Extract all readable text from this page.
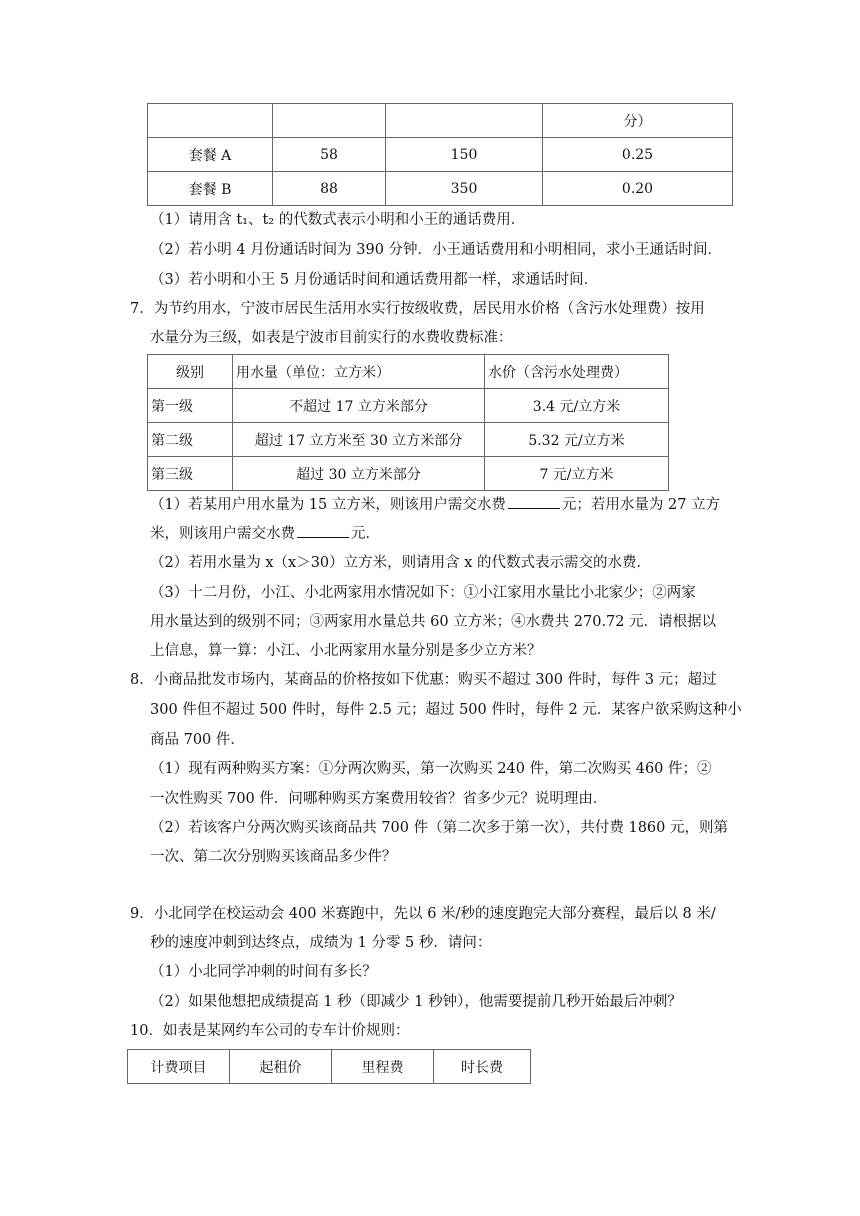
			分）
套餐 A	58	150	0.25
套餐 B	88	350	0.20
（1）请用含 t₁、t₂ 的代数式表示小明和小王的通话费用．
（2）若小明 4 月份通话时间为 390 分钟．小王通话费用和小明相同，求小王通话时间．
（3）若小明和小王 5 月份通话时间和通话费用都一样，求通话时间．
7．为节约用水，宁波市居民生活用水实行按级收费，居民用水价格（含污水处理费）按用
水量分为三级，如表是宁波市目前实行的水费收费标准：
级别	用水量（单位：立方米）	水价（含污水处理费）
第一级	不超过 17 立方米部分	3.4 元/立方米
第二级	超过 17 立方米至 30 立方米部分	5.32 元/立方米
第三级	超过 30 立方米部分	7 元/立方米
（1）若某用户用水量为 15 立方米，则该用户需交水费	元；若用水量为 27 立方
米，则该用户需交水费	元．
（2）若用水量为 x（x＞30）立方米，则请用含 x 的代数式表示需交的水费．
（3）十二月份，小江、小北两家用水情况如下：①小江家用水量比小北家少；②两家
用水量达到的级别不同；③两家用水量总共 60 立方米；④水费共 270.72 元．请根据以
上信息，算一算：小江、小北两家用水量分别是多少立方米？
8．小商品批发市场内，某商品的价格按如下优惠：购买不超过 300 件时，每件 3 元；超过
300 件但不超过 500 件时，每件 2.5 元；超过 500 件时，每件 2 元．某客户欲采购这种小
商品 700 件．
（1）现有两种购买方案：①分两次购买，第一次购买 240 件，第二次购买 460 件；②
一次性购买 700 件．问哪种购买方案费用较省？省多少元？说明理由．
（2）若该客户分两次购买该商品共 700 件（第二次多于第一次），共付费 1860 元，则第
一次、第二次分别购买该商品多少件？
9．小北同学在校运动会 400 米赛跑中，先以 6 米/秒的速度跑完大部分赛程，最后以 8 米/
秒的速度冲刺到达终点，成绩为 1 分零 5 秒．请问：
（1）小北同学冲刺的时间有多长？
（2）如果他想把成绩提高 1 秒（即减少 1 秒钟），他需要提前几秒开始最后冲刺？
10．如表是某网约车公司的专车计价规则：
计费项目	起租价	里程费	时长费
